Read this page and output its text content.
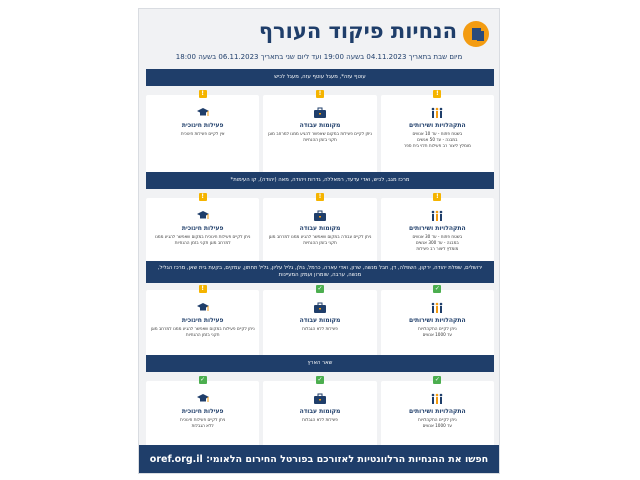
הנחיות פיקוד העורף
מיום שבת בתאריך 04.11.2023 בשעה 19:00 ועד ליום שני בתאריך 06.11.2023 בשעה 18:00
עוטף עזה*, מעגל עוטף עזה, מעגל לכיש
!
התקהלויות ושירותים
בשטח פתוח - עד 10 אנשים
במבנה - עד 50 אנשים
מומלץ ליצור רב פעילות תלוי בית ספר
!
מקומות עבודה
ניתן לקיים פעילות במקום שאפשר להגיע ממנו למרחב מוגן תקני בזמן ההנחיות
!
פעילות חינוכית
אין לקיים פעילות חינוכית
מרכז מגב, לכיש, ואדי עדעד, רמאללה, גדרות ויהודה, מאה (יהודה), קו העימות*
!
התקהלויות ושירותים
בשטח פתוח - עד 30 אנשים
במבנה - עד 300 אנשים
מומלץ ליצור רב פעילות
!
מקומות עבודה
ניתן לקיים עבודה במקום שאפשר להגיע ממנו למרחב מוגן תקני בזמן ההנחיות
!
פעילות חינוכית
ניתן לקיים פעילות חינוכית במקום שאפשר להגיע ממנו למרחב מוגן תקני בזמן ההנחיות
ירושלים, שפלת יהודה, ירקון, השפלה, דן, חבל מנשה, שרון, ואדי עארה, כרמל, גולן, גליל עליון, גליל תחתון, עמקים, בקעת בית שאן, מרכז הגליל, מנשה, ערבה, שומרון ועמק המעיינות
✓
התקהלויות ושירותים
ניתן לקיים התקהלויות
עד 1000 אנשים
✓
מקומות עבודה
פעילות ללא הגבלות
!
פעילות חינוכית
ניתן לקיים פעילות במקום שאפשר להגיע ממנו למרחב מוגן תקני בזמן ההנחיות
שאר הארץ
✓
התקהלויות ושירותים
ניתן לקיים התקהלויות
עד 1000 אנשים
✓
מקומות עבודה
פעילות ללא הגבלות
✓
פעילות חינוכית
ניתן לקיים פעילות חינוכית
ללא הגבלות
חפשו את ההנחיות הרלוונטיות לאזורכם בפורטל החירום הלאומי: oref.org.il
